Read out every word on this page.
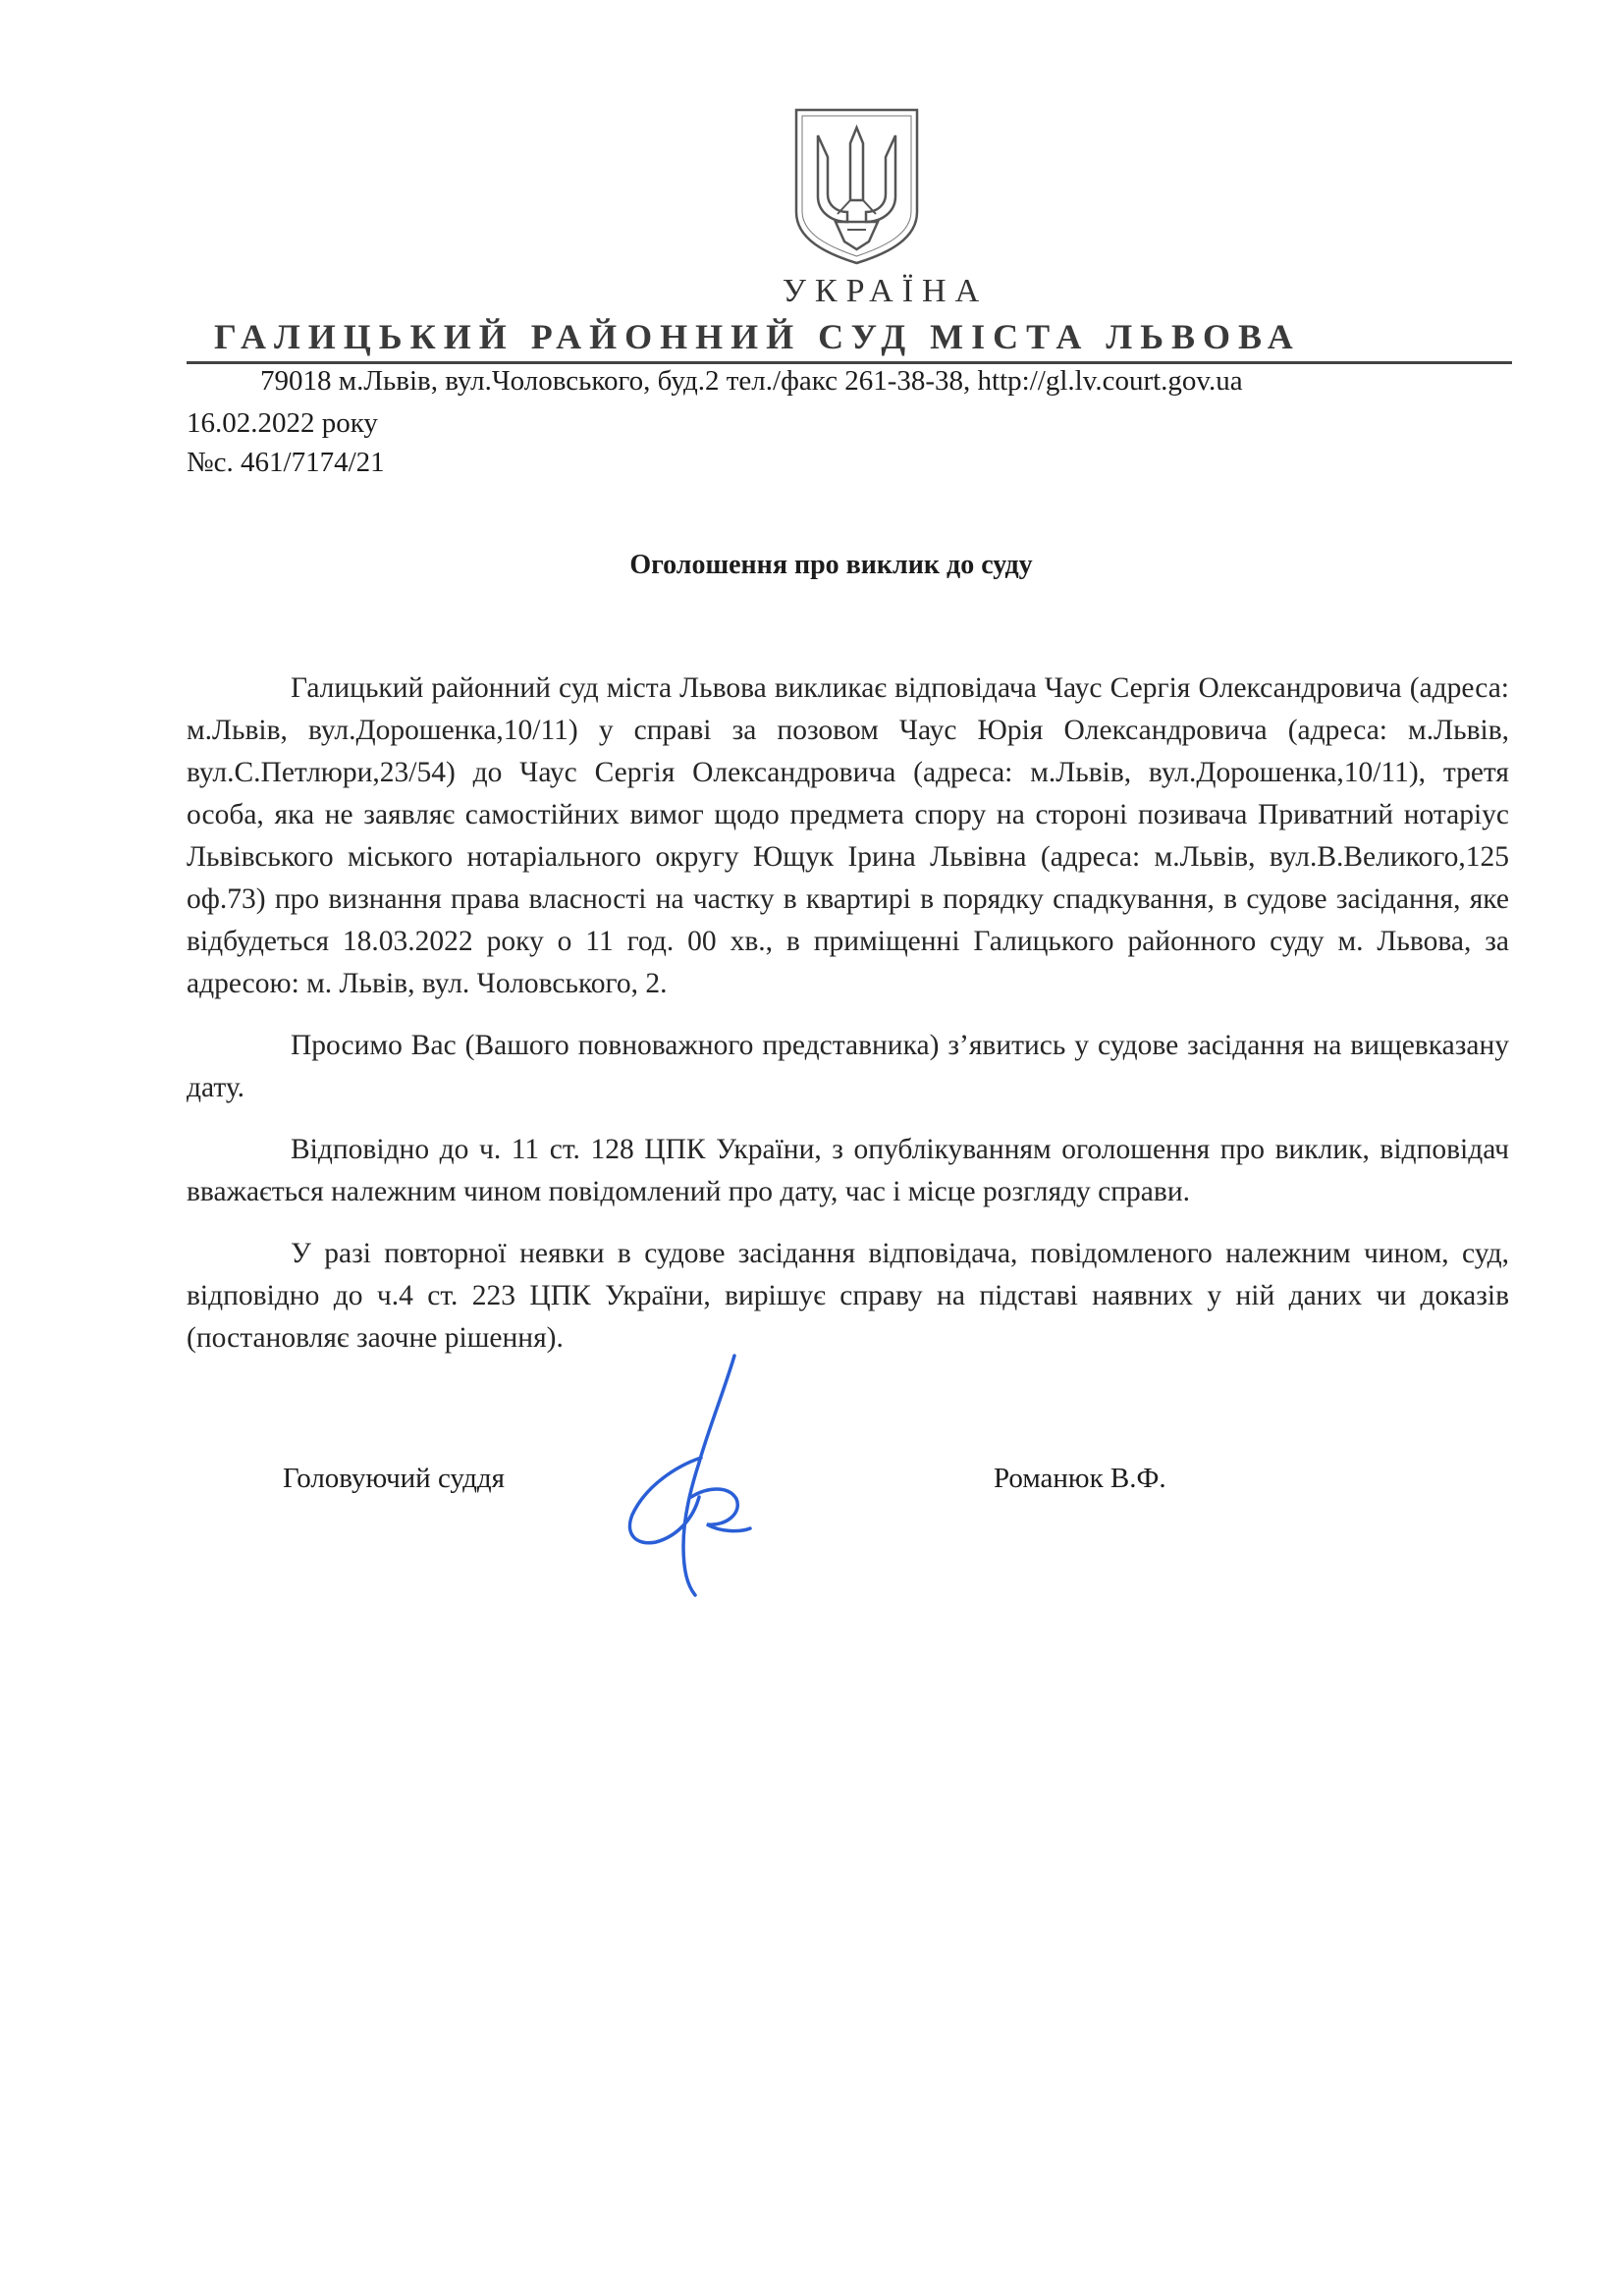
УКРАЇНА
ГАЛИЦЬКИЙ РАЙОННИЙ СУД МІСТА ЛЬВОВА
79018 м.Львів, вул.Чоловського, буд.2 тел./факс 261-38-38, http://gl.lv.court.gov.ua
16.02.2022 року
№с. 461/7174/21
Оголошення про виклик до суду

Галицький районний суд міста Львова викликає відповідача Чаус Сергія Олександровича (адреса: м.Львів, вул.Дорошенка,10/11) у справі за позовом Чаус Юрія Олександровича (адреса: м.Львів, вул.С.Петлюри,23/54) до Чаус Сергія Олександровича (адреса: м.Львів, вул.Дорошенка,10/11), третя особа, яка не заявляє самостійних вимог щодо предмета спору на стороні позивача Приватний нотаріус Львівського міського нотаріального округу Ющук Ірина Львівна (адреса: м.Львів, вул.В.Великого,125 оф.73) про визнання права власності на частку в квартирі в порядку спадкування, в судове засідання, яке відбудеться 18.03.2022 року о 11 год. 00 хв., в приміщенні Галицького районного суду м. Львова, за адресою: м. Львів, вул. Чоловського, 2.

Просимо Вас (Вашого повноважного представника) з’явитись у судове засідання на вищевказану дату.

Відповідно до ч. 11 ст. 128 ЦПК України, з опублікуванням оголошення про виклик, відповідач вважається належним чином повідомлений про дату, час і місце розгляду справи.

У разі повторної неявки в судове засідання відповідача, повідомленого належним чином, суд, відповідно до ч.4 ст. 223 ЦПК України, вирішує справу на підставі наявних у ній даних чи доказів (постановляє заочне рішення).

Головуючий суддя	Романюк В.Ф.
